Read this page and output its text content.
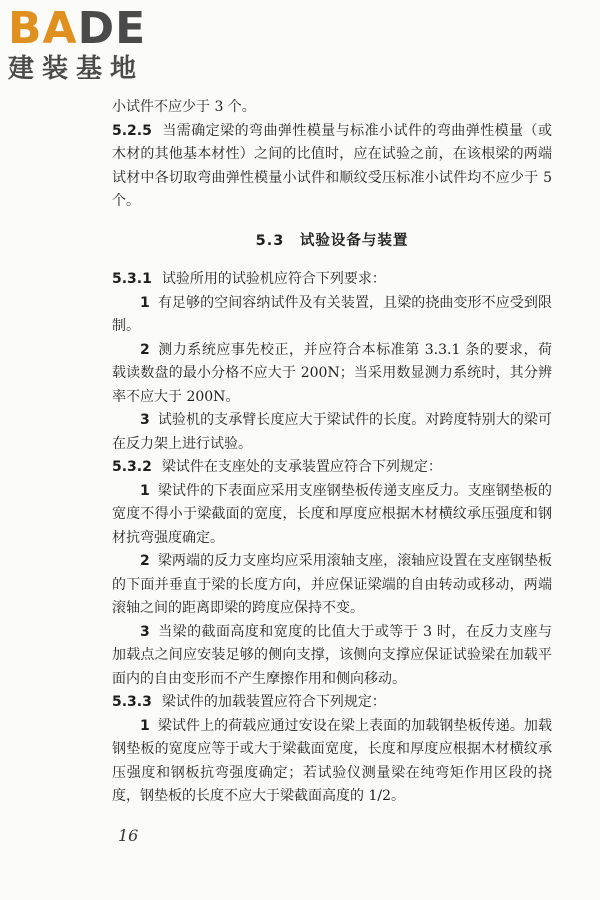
BADE
建装基地

小试件不应少于 3 个。

5.2.5 当需确定梁的弯曲弹性模量与标准小试件的弯曲弹性模量（或木材的其他基本材性）之间的比值时，应在试验之前，在该根梁的两端试材中各切取弯曲弹性模量小试件和顺纹受压标准小试件均不应少于 5 个。

5.3  试验设备与装置

5.3.1 试验所用的试验机应符合下列要求：

1 有足够的空间容纳试件及有关装置，且梁的挠曲变形不应受到限制。

2 测力系统应事先校正，并应符合本标准第 3.3.1 条的要求，荷载读数盘的最小分格不应大于 200N；当采用数显测力系统时，其分辨率不应大于 200N。

3 试验机的支承臂长度应大于梁试件的长度。对跨度特别大的梁可在反力架上进行试验。

5.3.2 梁试件在支座处的支承装置应符合下列规定：

1 梁试件的下表面应采用支座钢垫板传递支座反力。支座钢垫板的宽度不得小于梁截面的宽度，长度和厚度应根据木材横纹承压强度和钢材抗弯强度确定。

2 梁两端的反力支座均应采用滚轴支座，滚轴应设置在支座钢垫板的下面并垂直于梁的长度方向，并应保证梁端的自由转动或移动，两端滚轴之间的距离即梁的跨度应保持不变。

3 当梁的截面高度和宽度的比值大于或等于 3 时，在反力支座与加载点之间应安装足够的侧向支撑，该侧向支撑应保证试验梁在加载平面内的自由变形而不产生摩擦作用和侧向移动。

5.3.3 梁试件的加载装置应符合下列规定：

1 梁试件上的荷载应通过安设在梁上表面的加载钢垫板传递。加载钢垫板的宽度应等于或大于梁截面宽度，长度和厚度应根据木材横纹承压强度和钢板抗弯强度确定；若试验仪测量梁在纯弯矩作用区段的挠度，钢垫板的长度不应大于梁截面高度的 1/2。

16
